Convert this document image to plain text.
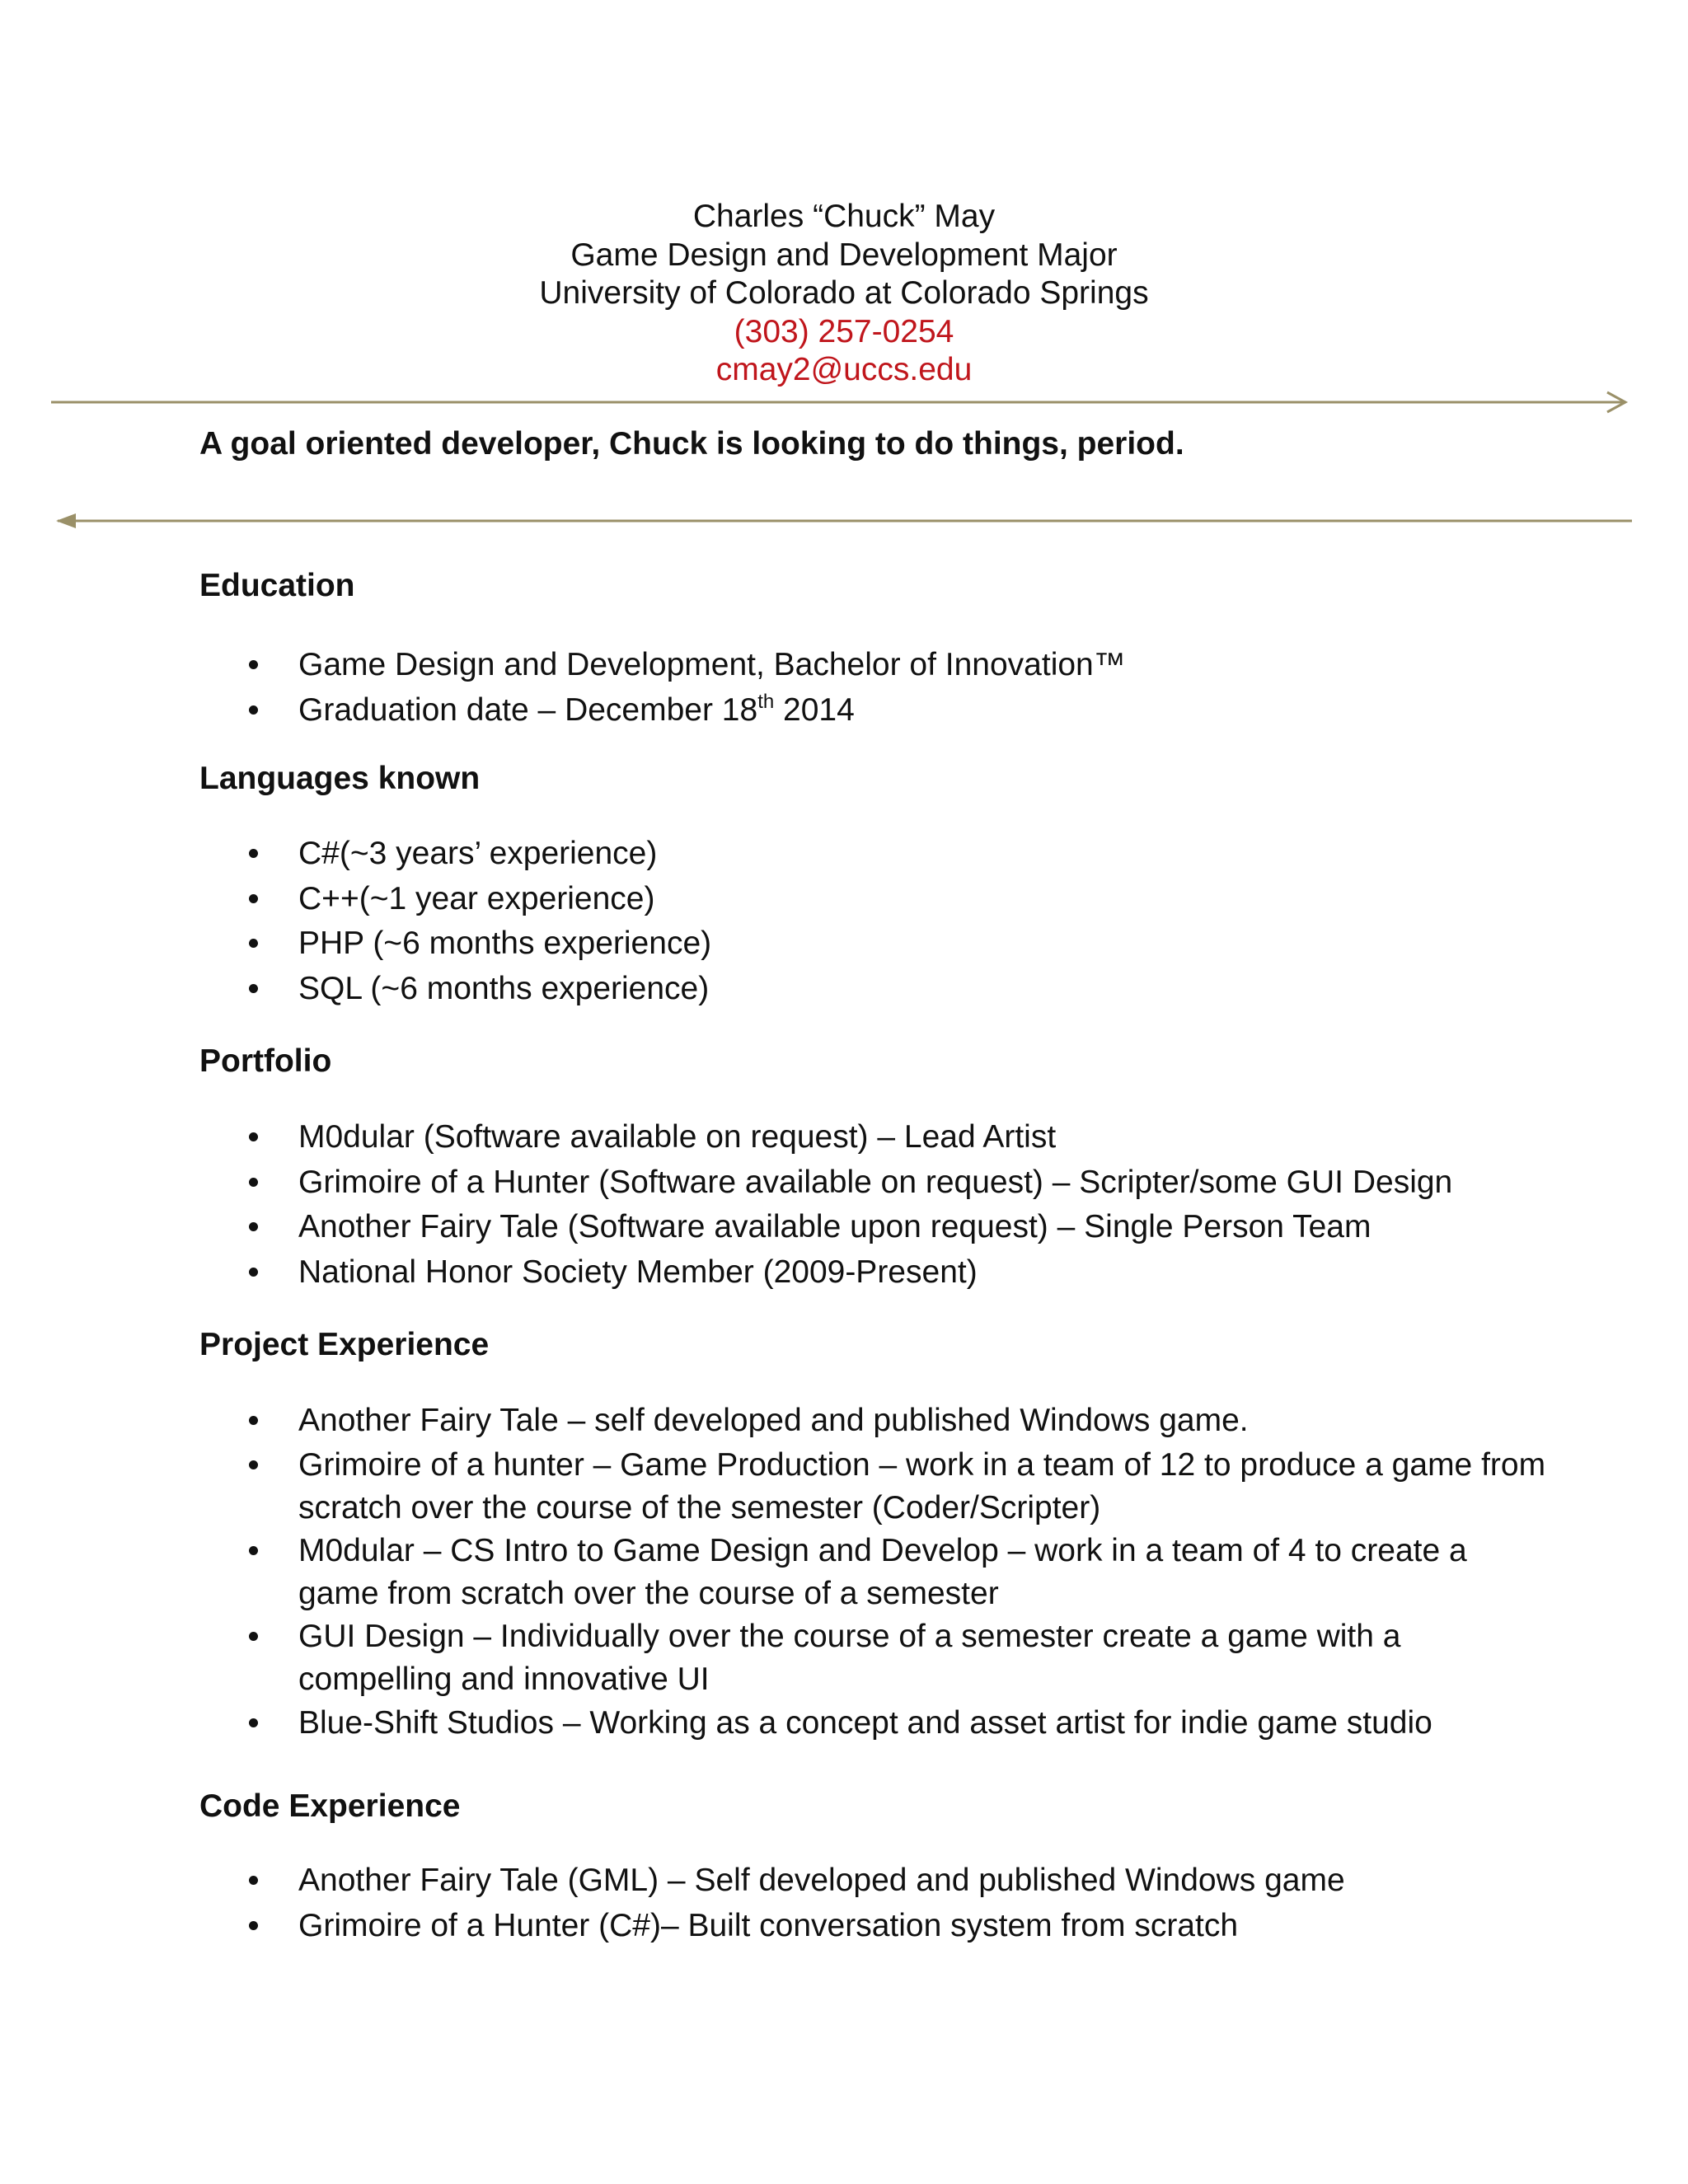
Charles “Chuck” May
Game Design and Development Major
University of Colorado at Colorado Springs
(303) 257-0254
cmay2@uccs.edu
A goal oriented developer, Chuck is looking to do things, period.
Education
Game Design and Development, Bachelor of Innovation™
Graduation date – December 18th 2014
Languages known
C#(~3 years’ experience)
C++(~1 year experience)
PHP (~6 months experience)
SQL (~6 months experience)
Portfolio
M0dular (Software available on request) – Lead Artist
Grimoire of a Hunter (Software available on request) – Scripter/some GUI Design
Another Fairy Tale (Software available upon request) – Single Person Team
National Honor Society Member (2009-Present)
Project Experience
Another Fairy Tale – self developed and published Windows game.
Grimoire of a hunter – Game Production – work in a team of 12 to produce a game from scratch over the course of the semester (Coder/Scripter)
M0dular – CS Intro to Game Design and Develop – work in a team of 4 to create a game from scratch over the course of a semester
GUI Design – Individually over the course of a semester create a game with a compelling and innovative UI
Blue-Shift Studios – Working as a concept and asset artist for indie game studio
Code Experience
Another Fairy Tale (GML) – Self developed and published Windows game
Grimoire of a Hunter (C#)– Built conversation system from scratch
